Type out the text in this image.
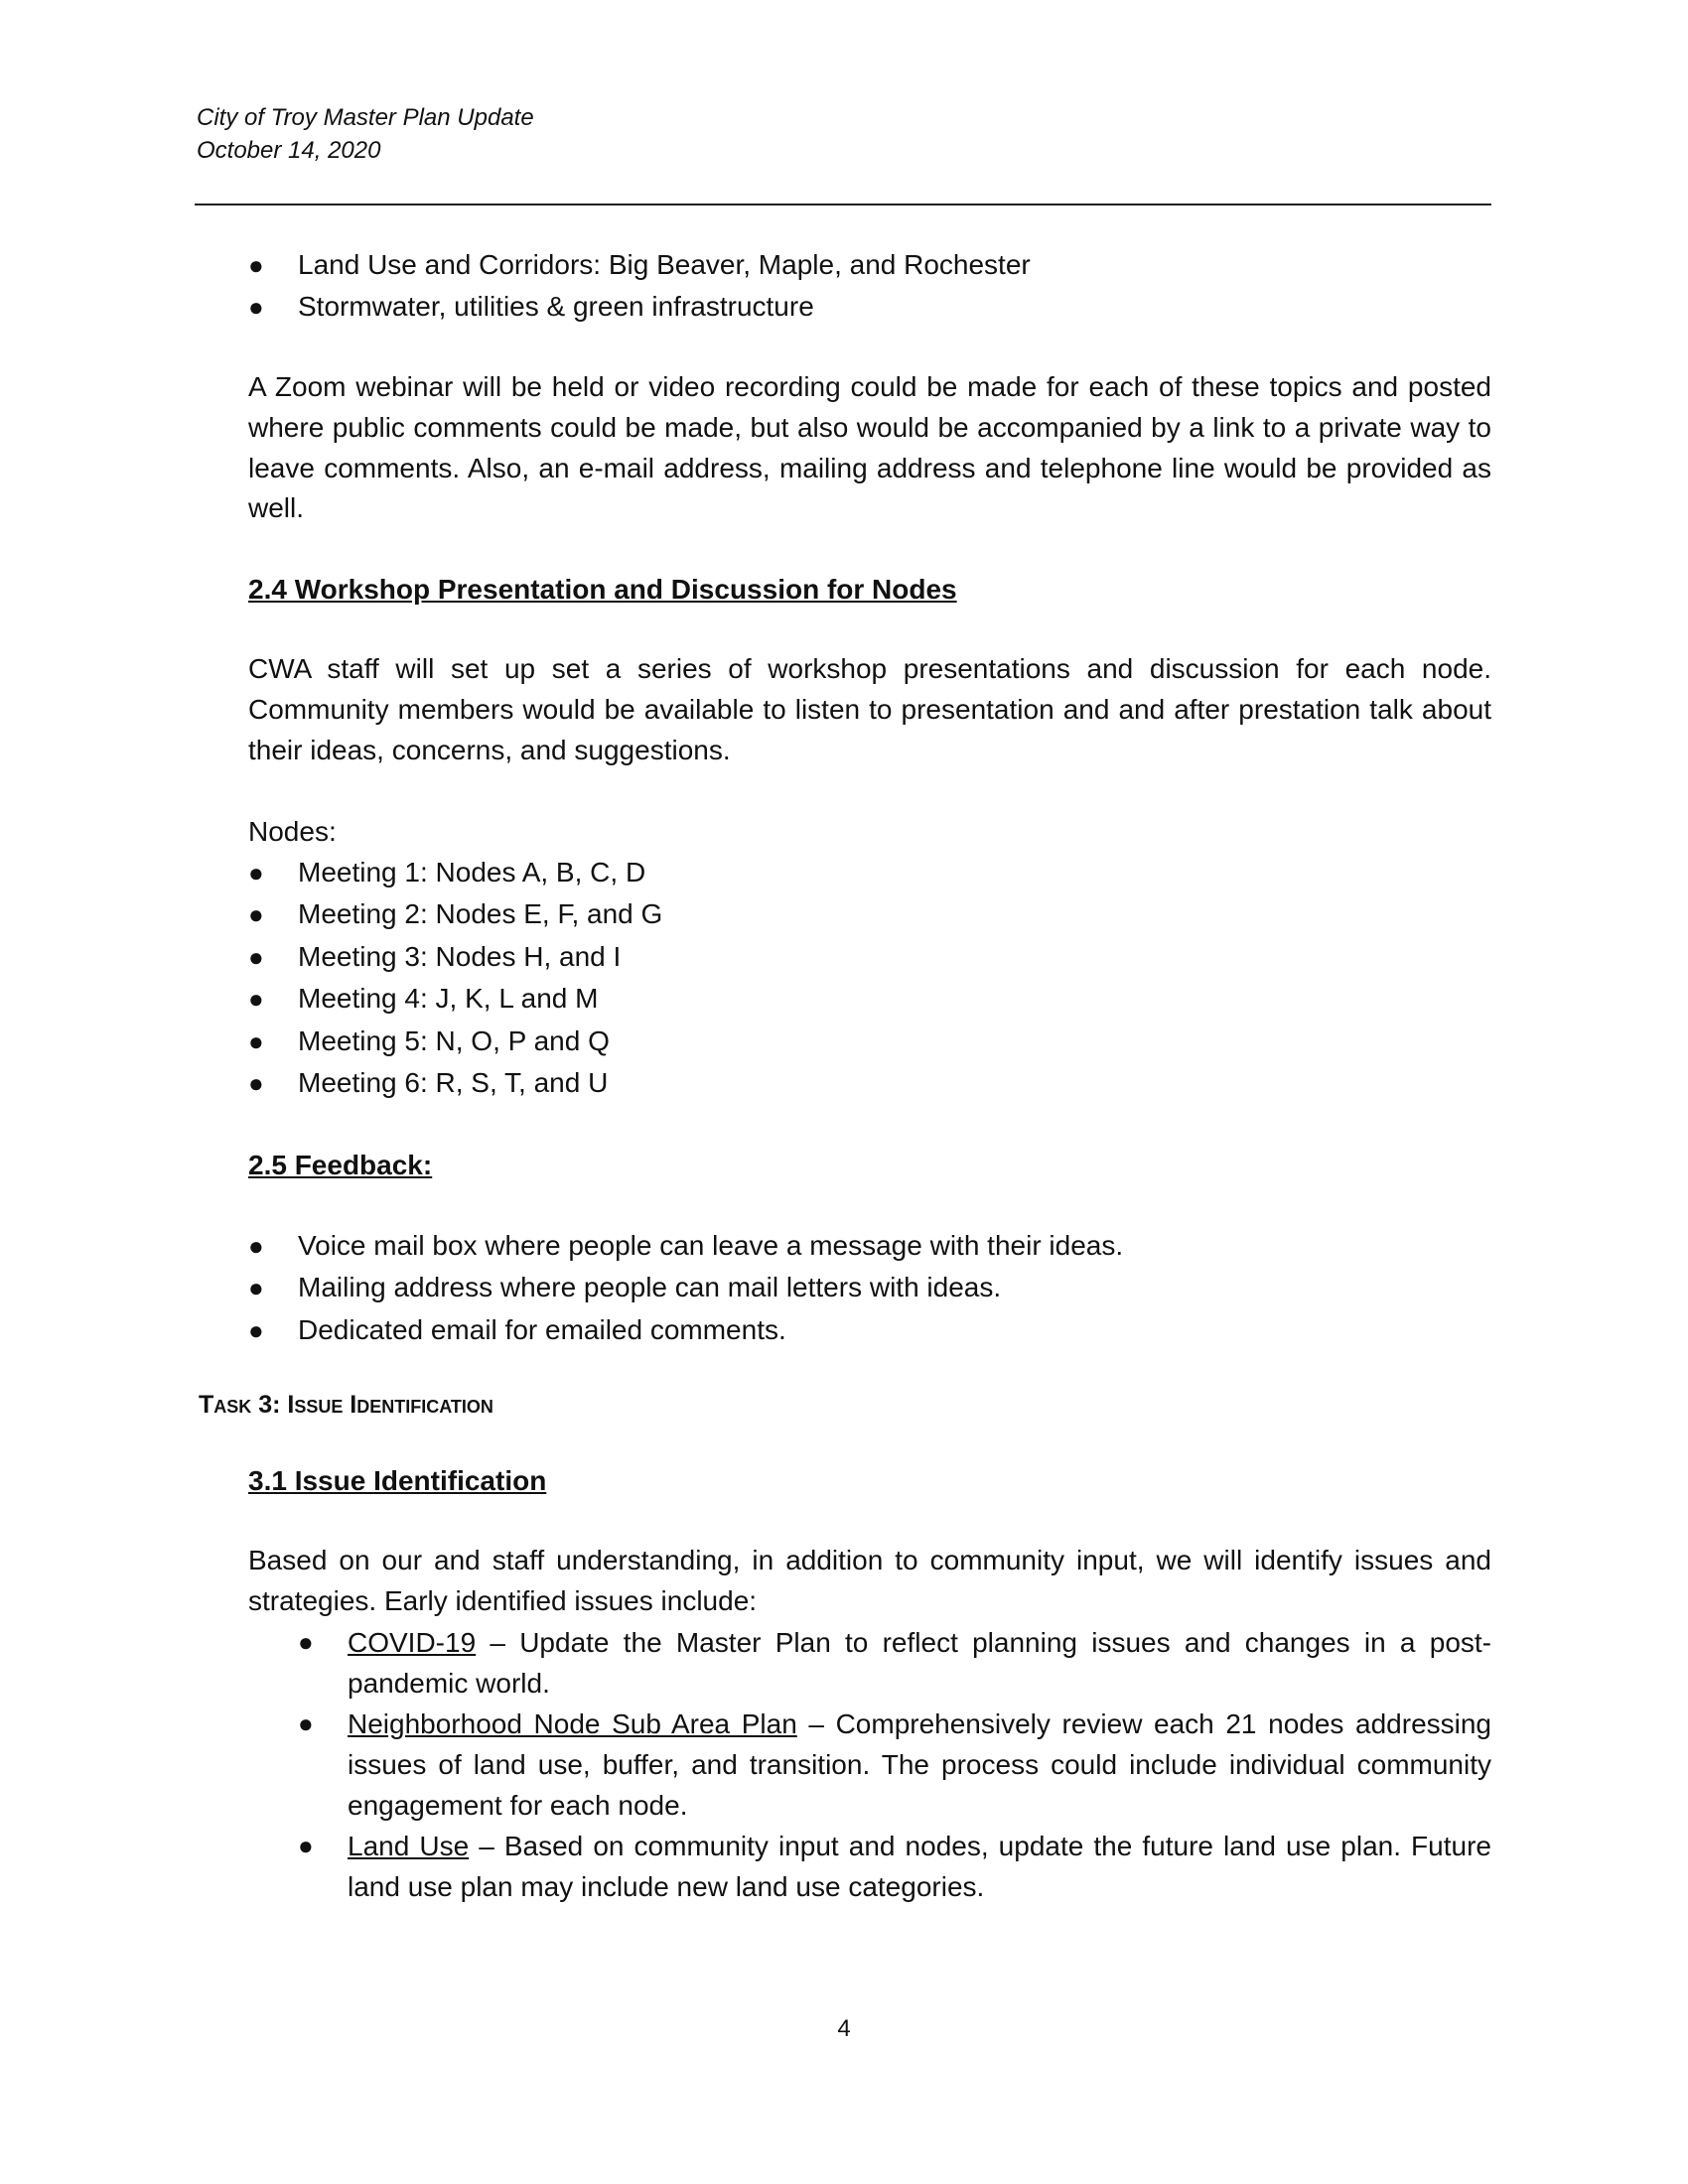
City of Troy Master Plan Update
October 14, 2020
●	Land Use and Corridors: Big Beaver, Maple, and Rochester
●	Stormwater, utilities & green infrastructure

A Zoom webinar will be held or video recording could be made for each of these topics and posted where public comments could be made, but also would be accompanied by a link to a private way to leave comments. Also, an e-mail address, mailing address and telephone line would be provided as well.

2.4 Workshop Presentation and Discussion for Nodes

CWA staff will set up set a series of workshop presentations and discussion for each node. Community members would be available to listen to presentation and and after prestation talk about their ideas, concerns, and suggestions.

Nodes:

●	Meeting 1: Nodes A, B, C, D
●	Meeting 2: Nodes E, F, and G
●	Meeting 3: Nodes H, and I
●	Meeting 4: J, K, L and M
●	Meeting 5: N, O, P and Q
●	Meeting 6: R, S, T, and U

2.5 Feedback:

●	Voice mail box where people can leave a message with their ideas.
●	Mailing address where people can mail letters with ideas.
●	Dedicated email for emailed comments.

3.1 Issue Identification

Based on our and staff understanding, in addition to community input, we will identify issues and strategies. Early identified issues include:

● COVID-19 – Update the Master Plan to reflect planning issues and changes in a post-pandemic world.
● Neighborhood Node Sub Area Plan – Comprehensively review each 21 nodes addressing issues of land use, buffer, and transition. The process could include individual community engagement for each node.
● Land Use – Based on community input and nodes, update the future land use plan. Future land use plan may include new land use categories.
Task 3: Issue Identification
4
